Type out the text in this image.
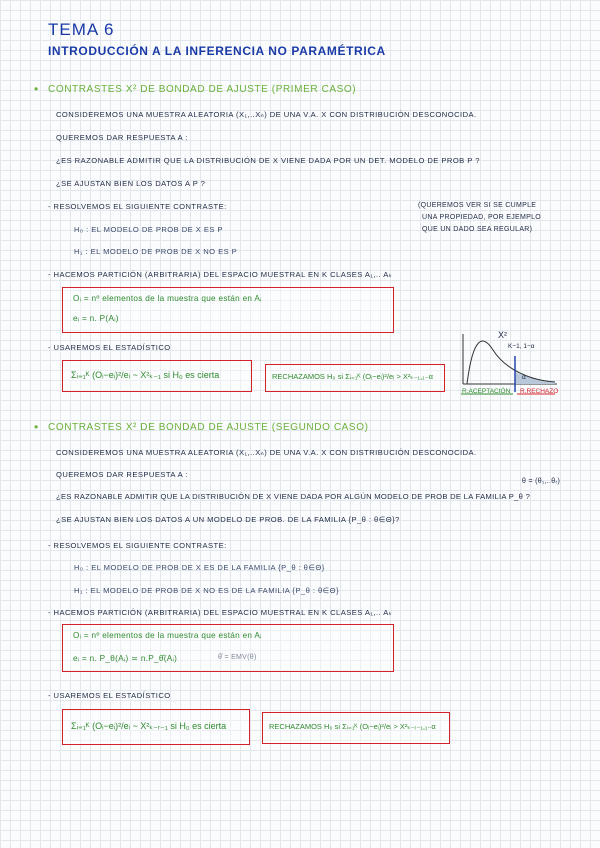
TEMA 6
INTRODUCCIÓN A LA INFERENCIA NO PARAMÉTRICA
• CONTRASTES X² DE BONDAD DE AJUSTE (PRIMER CASO)
CONSIDEREMOS UNA MUESTRA ALEATORIA (X₁,..Xₙ) DE UNA V.A. X CON DISTRIBUCIÓN DESCONOCIDA.
QUEREMOS DAR RESPUESTA A :
¿ES RAZONABLE ADMITIR QUE LA DISTRIBUCIÓN DE X VIENE DADA POR UN DET. MODELO DE PROB P ?
¿SE AJUSTAN BIEN LOS DATOS A P ?
- RESOLVEMOS EL SIGUIENTE CONTRASTE:
H₀ : EL MODELO DE PROB DE X ES P
H₁ : EL MODELO DE PROB DE X NO ES P
(QUEREMOS VER SI SE CUMPLE
UNA PROPIEDAD, POR EJEMPLO
QUE UN DADO SEA REGULAR)
- HACEMOS PARTICIÓN (ARBITRARIA) DEL ESPACIO MUESTRAL EN K CLASES A₁,.. Aₖ
Oᵢ = nº elementos de la muestra que están en Aᵢ
eᵢ = n. P(Aᵢ)
- USAREMOS EL ESTADÍSTICO
Σᵢ₌₁ᴷ (Oᵢ−eᵢ)²/eᵢ ~ X²ₖ₋₁ si H₀ es cierta	RECHAZAMOS H₀ si Σᵢ₌₁ᴷ (Oᵢ−eᵢ)²/eᵢ > X²ₖ₋₁,₁₋α
X²
K−1, 1−α
α
R.ACEPTACIÓN R.RECHAZO
• CONTRASTES X² DE BONDAD DE AJUSTE (SEGUNDO CASO)
CONSIDEREMOS UNA MUESTRA ALEATORIA (X₁,..Xₙ) DE UNA V.A. X CON DISTRIBUCIÓN DESCONOCIDA.
QUEREMOS DAR RESPUESTA A :
θ = (θ₁,..θᵣ)
¿ES RAZONABLE ADMITIR QUE LA DISTRIBUCIÓN DE X VIENE DADA POR ALGÚN MODELO DE PROB DE LA FAMILIA P_θ ?
¿SE AJUSTAN BIEN LOS DATOS A UN MODELO DE PROB. DE LA FAMILIA {P_θ : θ∈Θ}?
- RESOLVEMOS EL SIGUIENTE CONTRASTE:
H₀ : EL MODELO DE PROB DE X ES DE LA FAMILIA {P_θ : θ∈Θ}
H₁ : EL MODELO DE PROB DE X NO ES DE LA FAMILIA {P_θ : θ∈Θ}
- HACEMOS PARTICIÓN (ARBITRARIA) DEL ESPACIO MUESTRAL EN K CLASES A₁,.. Aₖ
Oᵢ = nº elementos de la muestra que están en Aᵢ
eᵢ = n. P_θ(Aᵢ) ≃ n.P_θ̂(Aᵢ)	θ̂ = EMV(θ)
- USAREMOS EL ESTADÍSTICO
Σᵢ₌₁ᴷ (Oᵢ−eᵢ)²/eᵢ ~ X²ₖ₋ᵣ₋₁ si H₀ es cierta	RECHAZAMOS H₀ si Σᵢ₌₁ᴷ (Oᵢ−eᵢ)²/eᵢ > X²ₖ₋ᵣ₋₁,₁₋α
